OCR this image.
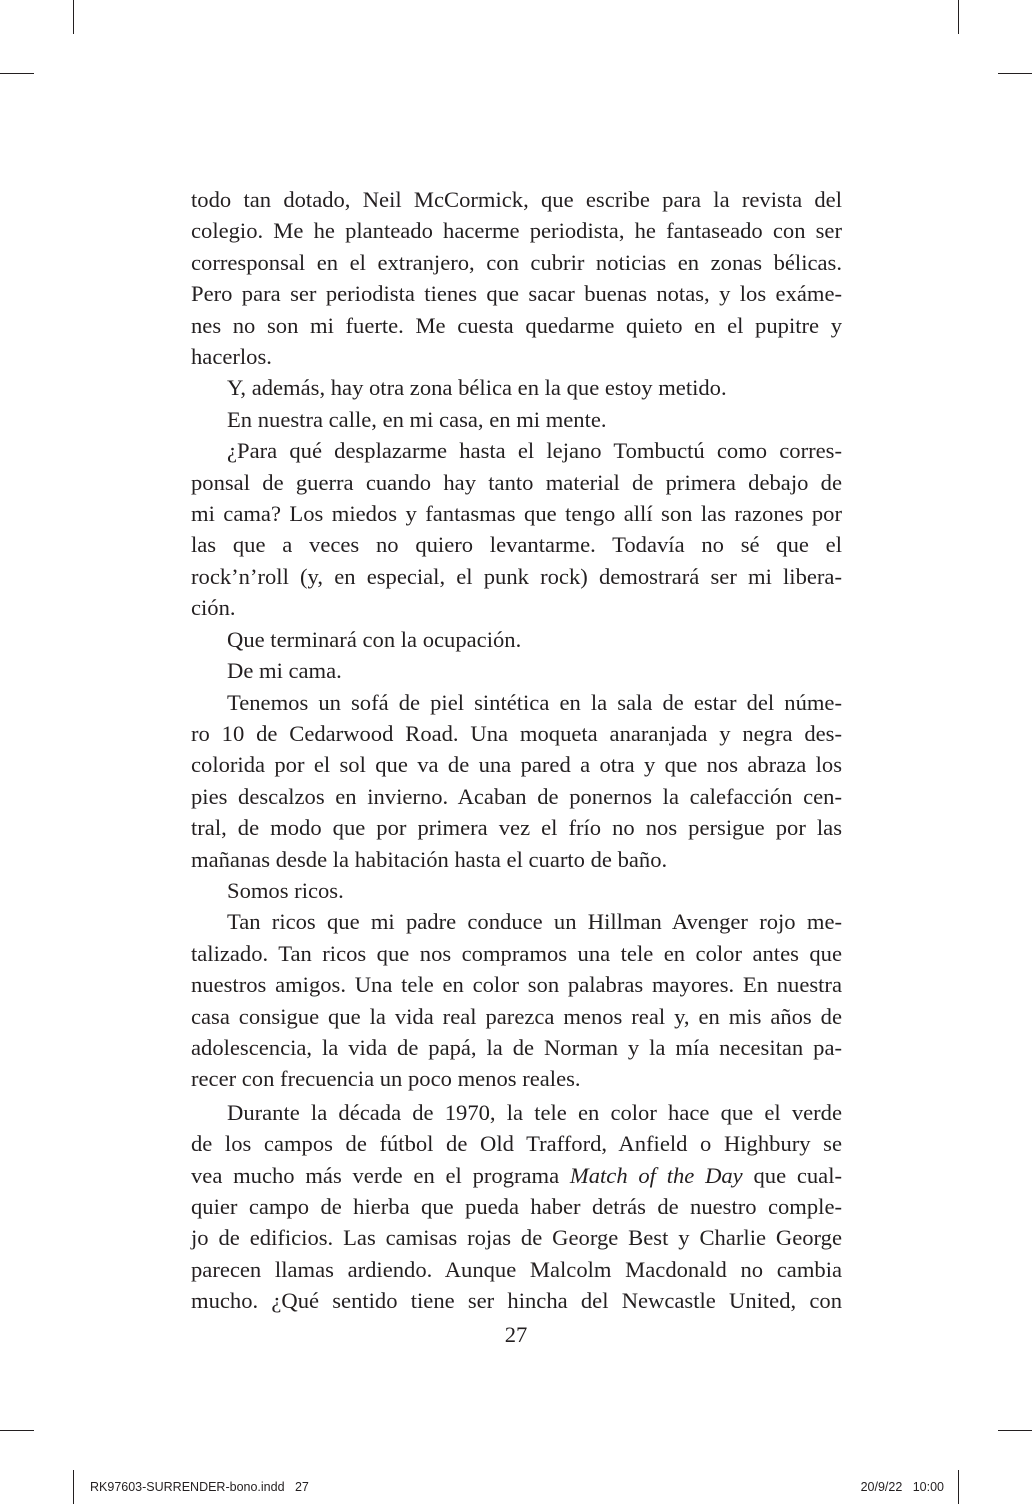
todo tan dotado, Neil McCormick, que escribe para la revista del

colegio. Me he planteado hacerme periodista, he fantaseado con ser

corresponsal en el extranjero, con cubrir noticias en zonas bélicas.

Pero para ser periodista tienes que sacar buenas notas, y los exáme-

nes no son mi fuerte. Me cuesta quedarme quieto en el pupitre y

hacerlos.

Y, además, hay otra zona bélica en la que estoy metido.

En nuestra calle, en mi casa, en mi mente.

¿Para qué desplazarme hasta el lejano Tombuctú como corres-

ponsal de guerra cuando hay tanto material de primera debajo de

mi cama? Los miedos y fantasmas que tengo allí son las razones por

las que a veces no quiero levantarme. Todavía no sé que el

rock’n’roll (y, en especial, el punk rock) demostrará ser mi libera-

ción.

Que terminará con la ocupación.

De mi cama.

Tenemos un sofá de piel sintética en la sala de estar del núme-

ro 10 de Cedarwood Road. Una moqueta anaranjada y negra des-

colorida por el sol que va de una pared a otra y que nos abraza los

pies descalzos en invierno. Acaban de ponernos la calefacción cen-

tral, de modo que por primera vez el frío no nos persigue por las

mañanas desde la habitación hasta el cuarto de baño.

Somos ricos.

Tan ricos que mi padre conduce un Hillman Avenger rojo me-

talizado. Tan ricos que nos compramos una tele en color antes que

nuestros amigos. Una tele en color son palabras mayores. En nuestra

casa consigue que la vida real parezca menos real y, en mis años de

adolescencia, la vida de papá, la de Norman y la mía necesitan pa-

recer con frecuencia un poco menos reales.

Durante la década de 1970, la tele en color hace que el verde

de los campos de fútbol de Old Trafford, Anfield o Highbury se

vea mucho más verde en el programa Match of the Day que cual-

quier campo de hierba que pueda haber detrás de nuestro comple-

jo de edificios. Las camisas rojas de George Best y Charlie George

parecen llamas ardiendo. Aunque Malcolm Macdonald no cambia

mucho. ¿Qué sentido tiene ser hincha del Newcastle United, con

27
RK97603-SURRENDER-bono.indd   27	20/9/22   10:00
